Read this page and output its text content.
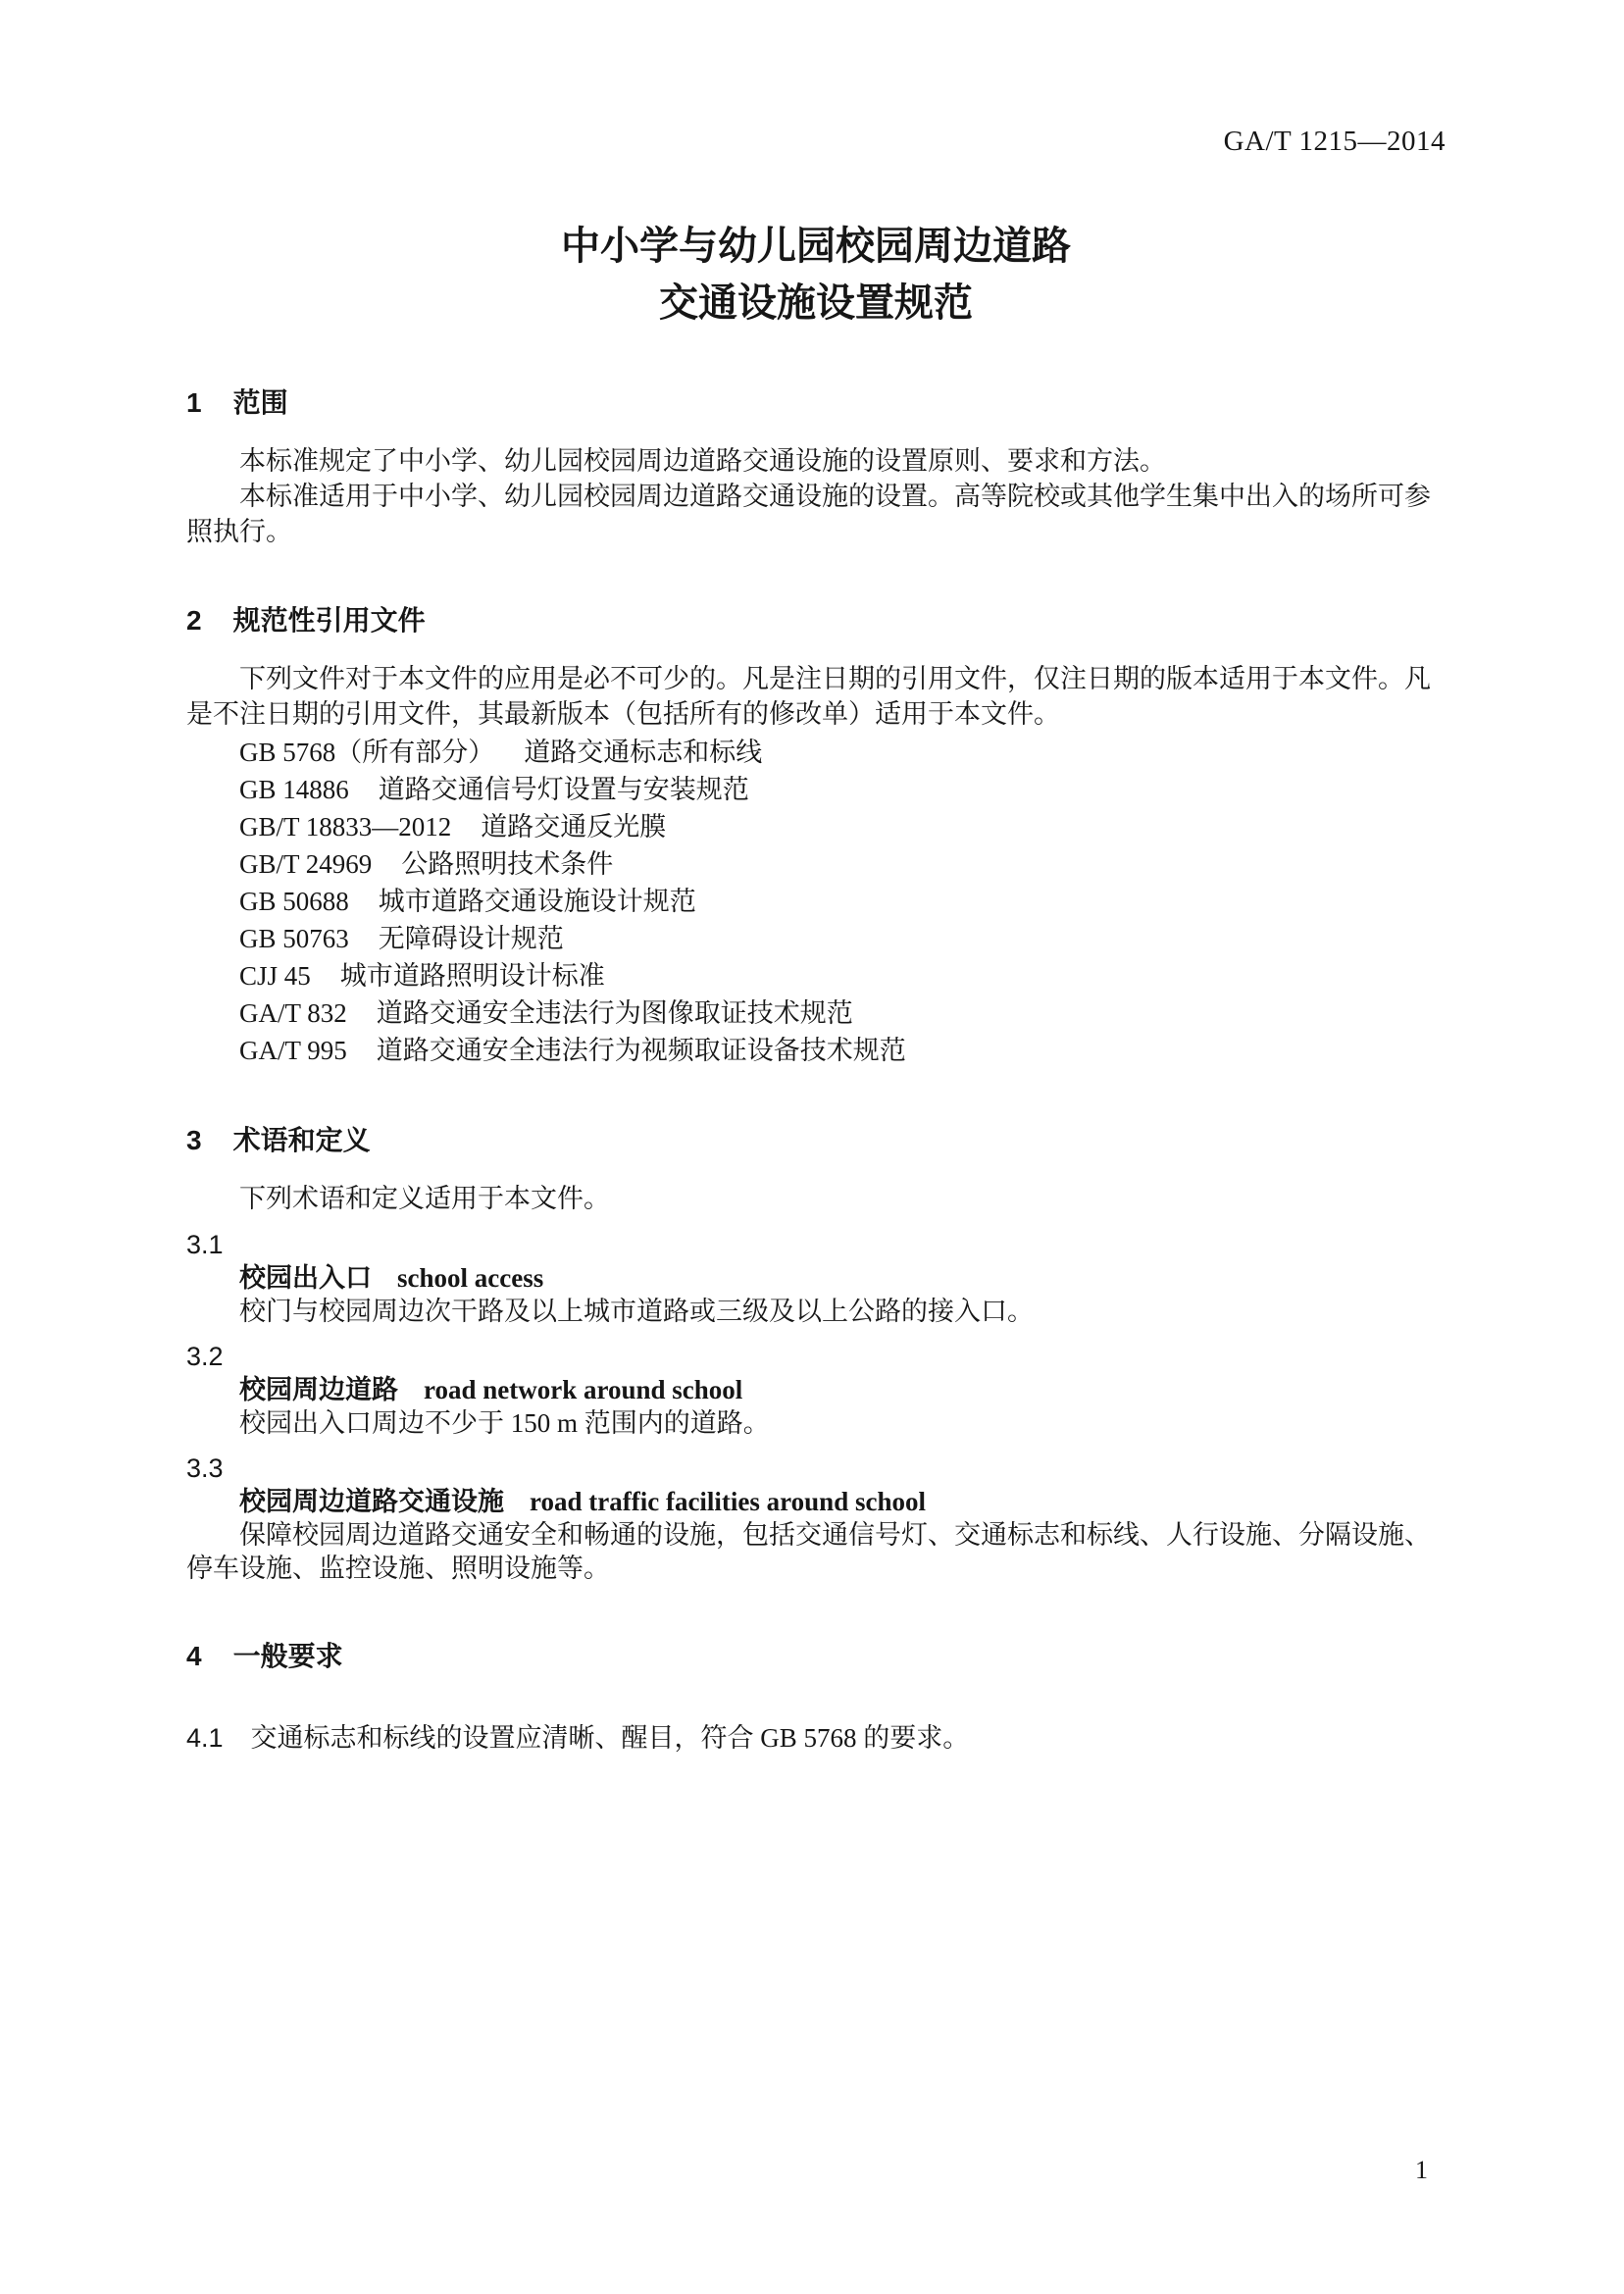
GA/T 1215—2014
中小学与幼儿园校园周边道路
交通设施设置规范
1 范围

本标准规定了中小学、幼儿园校园周边道路交通设施的设置原则、要求和方法。

本标准适用于中小学、幼儿园校园周边道路交通设施的设置。高等院校或其他学生集中出入的场所可参照执行。

2 规范性引用文件

下列文件对于本文件的应用是必不可少的。凡是注日期的引用文件，仅注日期的版本适用于本文件。凡是不注日期的引用文件，其最新版本（包括所有的修改单）适用于本文件。

GB 5768（所有部分） 道路交通标志和标线
GB 14886 道路交通信号灯设置与安装规范
GB/T 18833—2012 道路交通反光膜
GB/T 24969 公路照明技术条件
GB 50688 城市道路交通设施设计规范
GB 50763 无障碍设计规范
CJJ 45 城市道路照明设计标准
GA/T 832 道路交通安全违法行为图像取证技术规范
GA/T 995 道路交通安全违法行为视频取证设备技术规范
3 术语和定义

下列术语和定义适用于本文件。

3.1
校园出入口 school access
校门与校园周边次干路及以上城市道路或三级及以上公路的接入口。
3.2
校园周边道路 road network around school
校园出入口周边不少于 150 m 范围内的道路。
3.3
校园周边道路交通设施 road traffic facilities around school
保障校园周边道路交通安全和畅通的设施，包括交通信号灯、交通标志和标线、人行设施、分隔设施、停车设施、监控设施、照明设施等。
4 一般要求
4.1 交通标志和标线的设置应清晰、醒目，符合 GB 5768 的要求。
1
